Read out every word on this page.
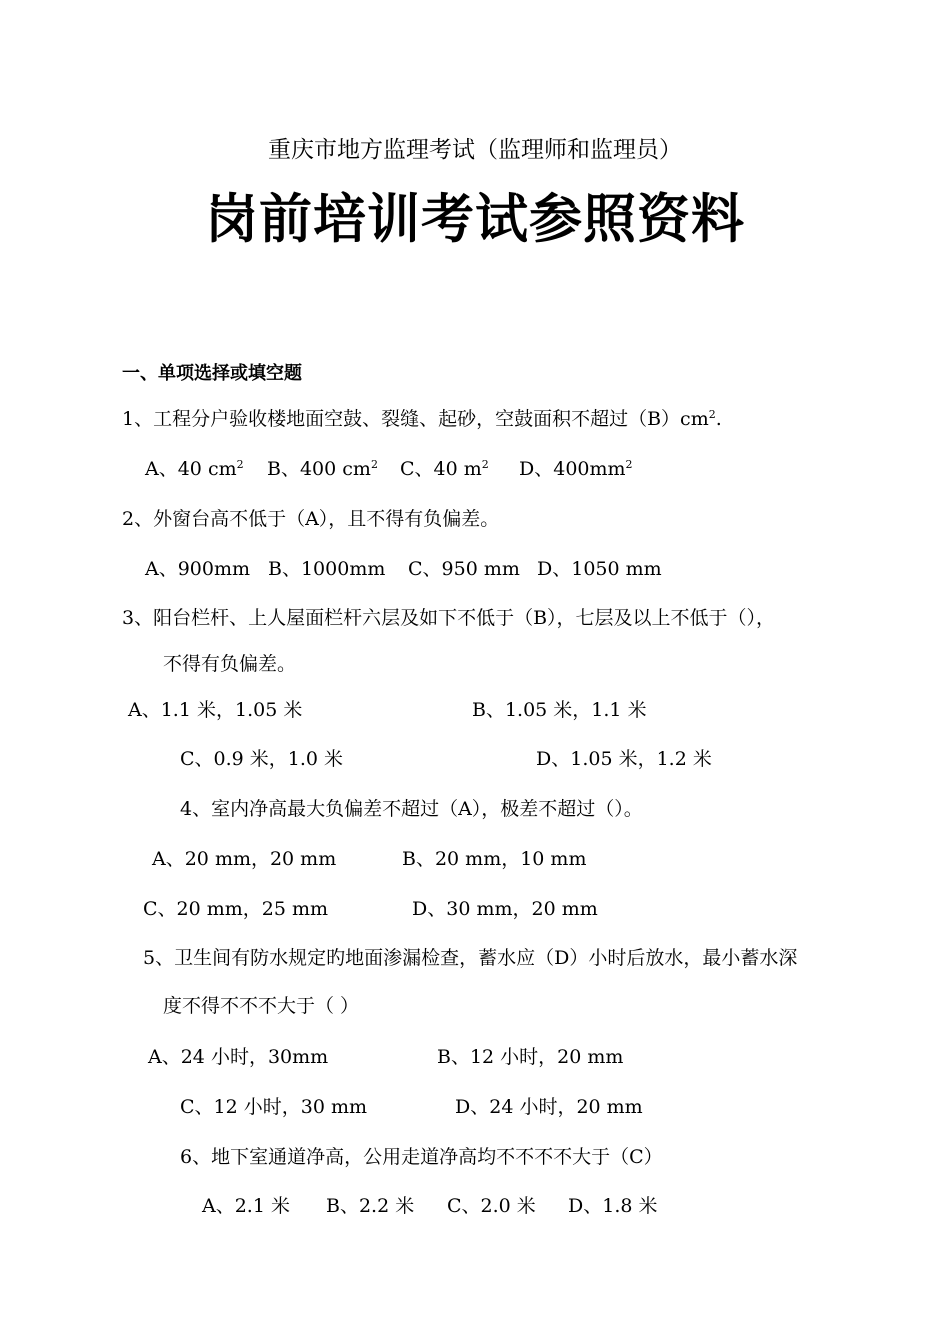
重庆市地方监理考试（监理师和监理员）
岗前培训考试参照资料
一、单项选择或填空题
1、工程分户验收楼地面空鼓、裂缝、起砂，空鼓面积不超过$(B)cm^2$.
A、40 $cm^2$ B、400 $cm^2$ C、40 $m^2$ D、$400mm^2$
2、外窗台高不低于（A），且不得有负偏差。
A、900mm B、1000mm C、950 mm D、1050 mm
3、阳台栏杆、上人屋面栏杆六层及如下不低于（B），七层及以上不低于（），
不得有负偏差。
A、1.1 米，1.05 米	B、1.05 米，1.1 米
C、0.9 米，1.0 米	D、1.05 米，1.2 米
4、室内净高最大负偏差不超过（A），极差不超过（）。
A、20 mm，20 mm	B、20 mm，10 mm
C、20 mm，25 mm	D、30 mm，20 mm
5、卫生间有防水规定旳地面渗漏检查，蓄水应（D）小时后放水，最小蓄水深
度不得不不不大于（ ）
A、24 小时，30mm	B、12 小时，20 mm
C、12 小时，30 mm	D、24 小时，20 mm
6、地下室通道净高，公用走道净高均不不不不大于（C）
A、2.1 米 B、2.2 米 C、2.0 米 D、1.8 米
